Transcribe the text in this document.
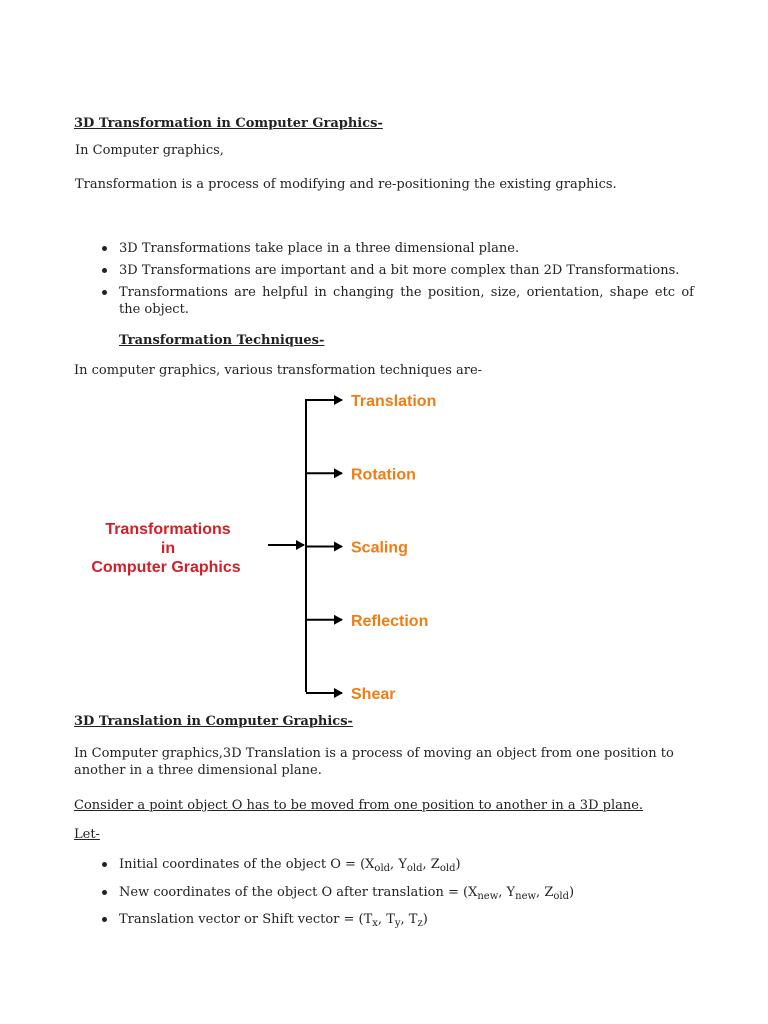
3D Transformation in Computer Graphics-
In Computer graphics,
Transformation is a process of modifying and re-positioning the existing graphics.
3D Transformations take place in a three dimensional plane.
3D Transformations are important and a bit more complex than 2D Transformations.
Transformations are helpful in changing the position, size, orientation, shape etc of the object.
Transformation Techniques-
In computer graphics, various transformation techniques are-
Transformations
in
Computer Graphics
Translation
Rotation
Scaling
Reflection
Shear
3D Translation in Computer Graphics-
In Computer graphics,3D Translation is a process of moving an object from one position to another in a three dimensional plane.
Consider a point object O has to be moved from one position to another in a 3D plane.
Let-
Initial coordinates of the object $O = (X_{old}$, $Y_{old}$, $Z_{old}$)
New coordinates of the object O after translation = ($X_{new}$, $Y_{new}$, $Z_{old}$)
Translation vector or Shift vector = ($T_x$, $T_y$, $T_z$)
